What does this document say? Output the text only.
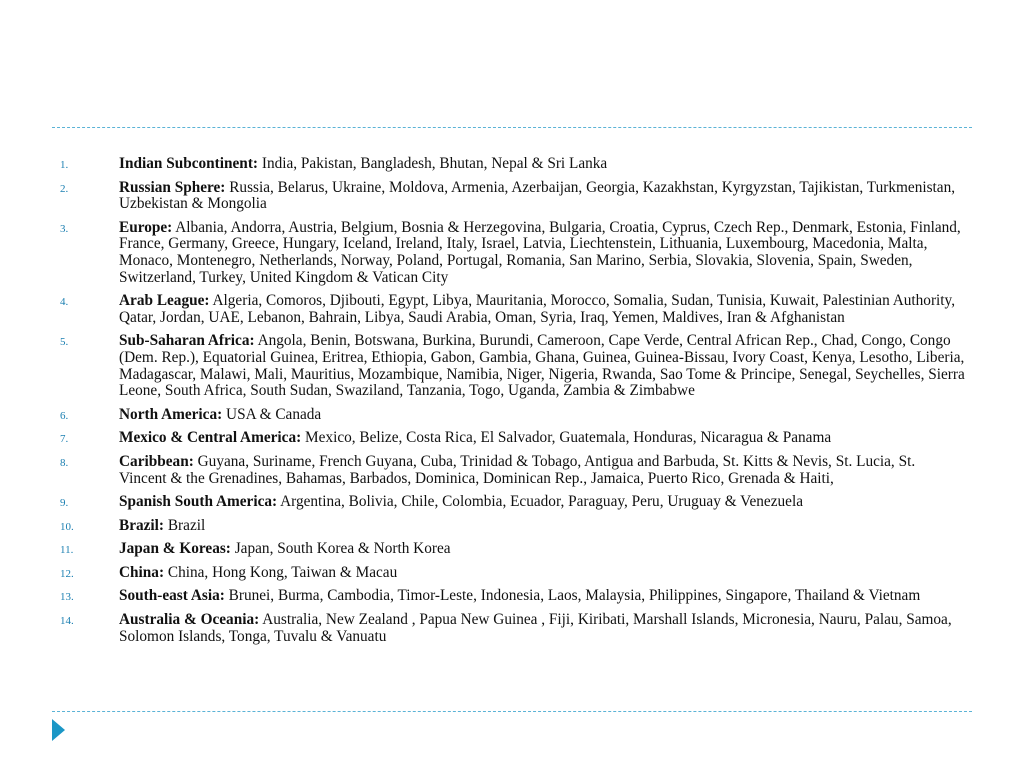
1.	Indian Subcontinent: India, Pakistan, Bangladesh, Bhutan, Nepal & Sri Lanka
2.	Russian Sphere: Russia, Belarus, Ukraine, Moldova, Armenia, Azerbaijan, Georgia, Kazakhstan, Kyrgyzstan, Tajikistan, Turkmenistan, Uzbekistan & Mongolia
3.	Europe: Albania, Andorra, Austria, Belgium, Bosnia & Herzegovina, Bulgaria, Croatia, Cyprus, Czech Rep., Denmark, Estonia, Finland, France, Germany, Greece, Hungary, Iceland, Ireland, Italy, Israel, Latvia, Liechtenstein, Lithuania, Luxembourg, Macedonia, Malta, Monaco, Montenegro, Netherlands, Norway, Poland, Portugal, Romania, San Marino, Serbia, Slovakia, Slovenia, Spain, Sweden, Switzerland, Turkey, United Kingdom & Vatican City
4.	Arab League: Algeria, Comoros, Djibouti, Egypt, Libya, Mauritania, Morocco, Somalia, Sudan, Tunisia, Kuwait, Palestinian Authority, Qatar, Jordan, UAE, Lebanon, Bahrain, Libya, Saudi Arabia, Oman, Syria, Iraq, Yemen, Maldives, Iran & Afghanistan
5.	Sub-Saharan Africa: Angola, Benin, Botswana, Burkina, Burundi, Cameroon, Cape Verde, Central African Rep., Chad, Congo, Congo (Dem. Rep.), Equatorial Guinea, Eritrea, Ethiopia, Gabon, Gambia, Ghana, Guinea, Guinea-Bissau, Ivory Coast, Kenya, Lesotho, Liberia, Madagascar, Malawi, Mali, Mauritius, Mozambique, Namibia, Niger, Nigeria, Rwanda, Sao Tome & Principe, Senegal, Seychelles, Sierra Leone, South Africa, South Sudan, Swaziland, Tanzania, Togo, Uganda, Zambia & Zimbabwe
6.	North America: USA & Canada
7.	Mexico & Central America: Mexico, Belize, Costa Rica, El Salvador, Guatemala, Honduras, Nicaragua & Panama
8.	Caribbean: Guyana, Suriname, French Guyana, Cuba, Trinidad & Tobago, Antigua and Barbuda, St. Kitts & Nevis, St. Lucia, St. Vincent & the Grenadines, Bahamas, Barbados, Dominica, Dominican Rep., Jamaica, Puerto Rico, Grenada & Haiti,
9.	Spanish South America: Argentina, Bolivia, Chile, Colombia, Ecuador, Paraguay, Peru, Uruguay & Venezuela
10.	Brazil: Brazil
11.	Japan & Koreas: Japan, South Korea & North Korea
12.	China: China, Hong Kong, Taiwan & Macau
13.	South-east Asia: Brunei, Burma, Cambodia, Timor-Leste, Indonesia, Laos, Malaysia, Philippines, Singapore, Thailand & Vietnam
14.	Australia & Oceania: Australia, New Zealand , Papua New Guinea , Fiji, Kiribati, Marshall Islands, Micronesia, Nauru, Palau, Samoa, Solomon Islands, Tonga, Tuvalu & Vanuatu
